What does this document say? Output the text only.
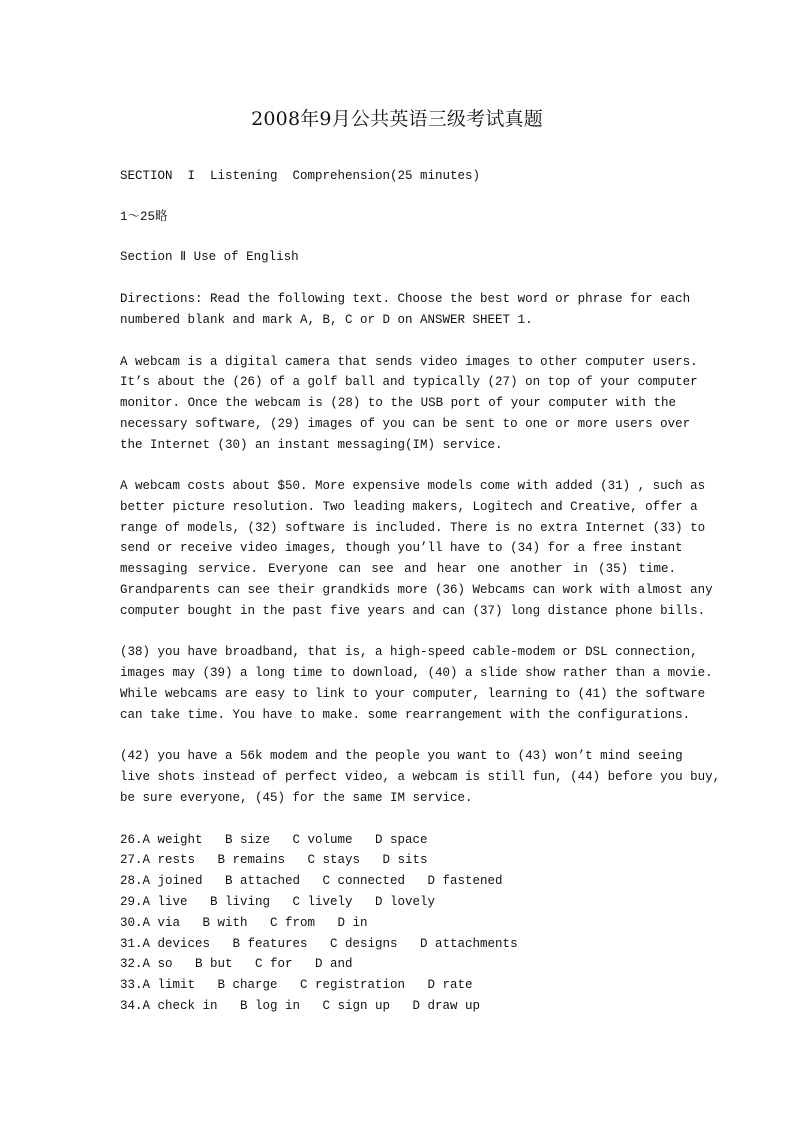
2008年9月公共英语三级考试真题
SECTION  I  Listening  Comprehension(25 minutes)
1～25略
Section Ⅱ Use of English
Directions: Read the following text. Choose the best word or phrase for each
numbered blank and mark A, B, C or D on ANSWER SHEET 1.
A webcam is a digital camera that sends video images to other computer users.
It’s about the (26) of a golf ball and typically (27) on top of your computer
monitor. Once the webcam is (28) to the USB port of your computer with the
necessary software, (29) images of you can be sent to one or more users over
the Internet (30) an instant messaging(IM) service.
A webcam costs about $50. More expensive models come with added (31) , such as
better picture resolution. Two leading makers, Logitech and Creative, offer a
range of models, (32) software is included. There is no extra Internet (33) to
send or receive video images, though you’ll have to (34) for a free instant
messaging service. Everyone can see and hear one another in (35) time.
Grandparents can see their grandkids more (36) Webcams can work with almost any
computer bought in the past five years and can (37) long distance phone bills.
(38) you have broadband, that is, a high-speed cable-modem or DSL connection,
images may (39) a long time to download, (40) a slide show rather than a movie.
While webcams are easy to link to your computer, learning to (41) the software
can take time. You have to make. some rearrangement with the configurations.
(42) you have a 56k modem and the people you want to (43) won’t mind seeing
live shots instead of perfect video, a webcam is still fun, (44) before you buy,
be sure everyone, (45) for the same IM service.
26.A weight   B size   C volume   D space
27.A rests   B remains   C stays   D sits
28.A joined   B attached   C connected   D fastened
29.A live   B living   C lively   D lovely
30.A via   B with   C from   D in
31.A devices   B features   C designs   D attachments
32.A so   B but   C for   D and
33.A limit   B charge   C registration   D rate
34.A check in   B log in   C sign up   D draw up
